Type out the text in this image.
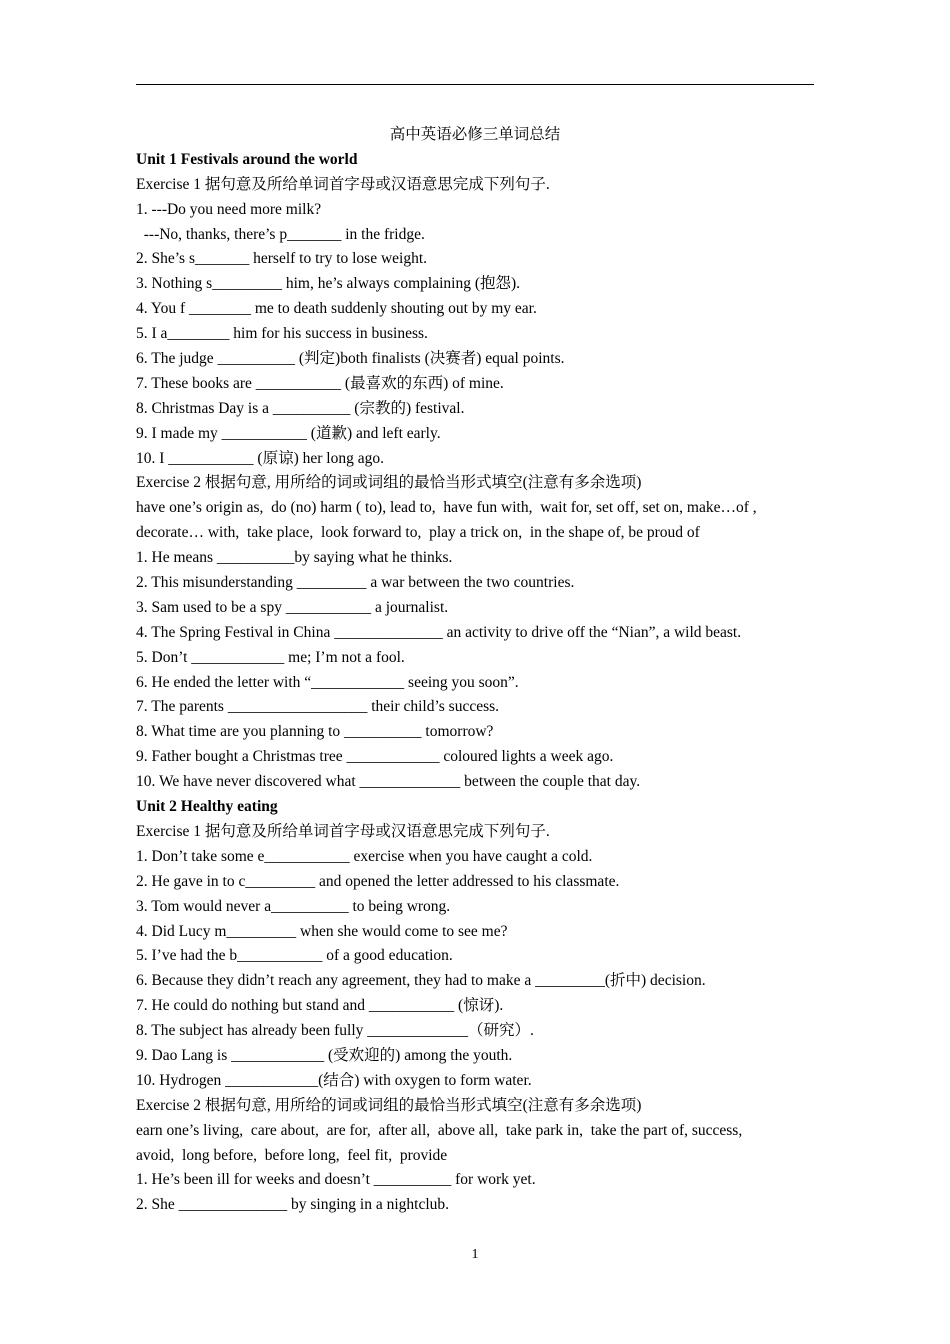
高中英语必修三单词总结
Unit 1 Festivals around the world
Exercise 1 据句意及所给单词首字母或汉语意思完成下列句子.
1. ---Do you need more milk?
---No, thanks, there’s p_______ in the fridge.
2. She’s s_______ herself to try to lose weight.
3. Nothing s_________ him, he’s always complaining (抱怨).
4. You f ________ me to death suddenly shouting out by my ear.
5. I a________ him for his success in business.
6. The judge __________ (判定)both finalists (决赛者) equal points.
7. These books are ___________ (最喜欢的东西) of mine.
8. Christmas Day is a __________ (宗教的) festival.
9. I made my ___________ (道歉) and left early.
10. I ___________ (原谅) her long ago.
Exercise 2 根据句意, 用所给的词或词组的最恰当形式填空(注意有多余选项)
have one’s origin as,  do (no) harm ( to), lead to,  have fun with,  wait for, set off, set on, make…of ,
decorate… with,  take place,  look forward to,  play a trick on,  in the shape of, be proud of
1. He means __________by saying what he thinks.
2. This misunderstanding _________ a war between the two countries.
3. Sam used to be a spy ___________ a journalist.
4. The Spring Festival in China ______________ an activity to drive off the “Nian”, a wild beast.
5. Don’t ____________ me; I’m not a fool.
6. He ended the letter with “____________ seeing you soon”.
7. The parents __________________ their child’s success.
8. What time are you planning to __________ tomorrow?
9. Father bought a Christmas tree ____________ coloured lights a week ago.
10. We have never discovered what _____________ between the couple that day.
Unit 2 Healthy eating
Exercise 1 据句意及所给单词首字母或汉语意思完成下列句子.
1. Don’t take some e___________ exercise when you have caught a cold.
2. He gave in to c_________ and opened the letter addressed to his classmate.
3. Tom would never a__________ to being wrong.
4. Did Lucy m_________ when she would come to see me?
5. I’ve had the b___________ of a good education.
6. Because they didn’t reach any agreement, they had to make a _________(折中) decision.
7. He could do nothing but stand and ___________ (惊讶).
8. The subject has already been fully _____________（研究）.
9. Dao Lang is ____________ (受欢迎的) among the youth.
10. Hydrogen ____________(结合) with oxygen to form water.
Exercise 2 根据句意, 用所给的词或词组的最恰当形式填空(注意有多余选项)
earn one’s living,  care about,  are for,  after all,  above all,  take park in,  take the part of, success,
avoid,  long before,  before long,  feel fit,  provide
1. He’s been ill for weeks and doesn’t __________ for work yet.
2. She ______________ by singing in a nightclub.
1
